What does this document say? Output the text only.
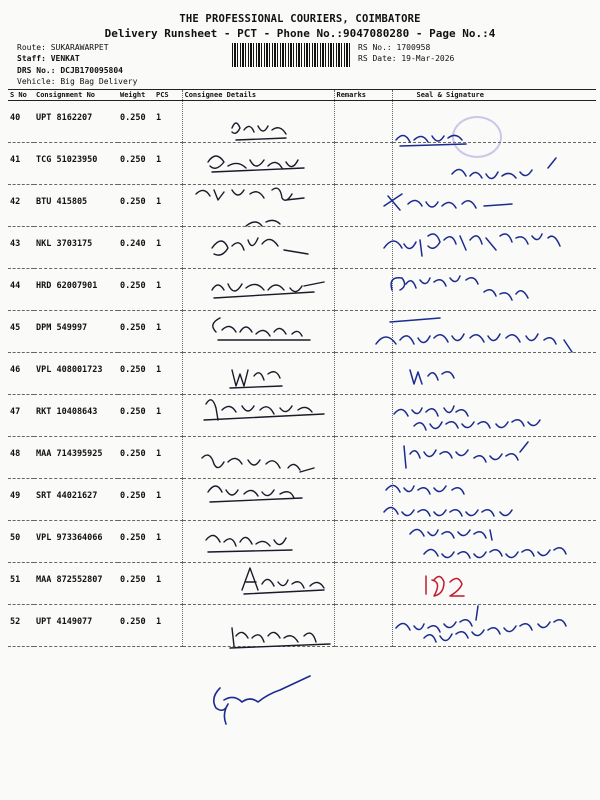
THE PROFESSIONAL COURIERS, COIMBATORE
Delivery Runsheet - PCT - Phone No.:9047080280 - Page No.:4
Route: SUKARAWARPET
Staff: VENKAT
DRS No.: DCJB170095804
Vehicle: Big Bag Delivery
RS No.: 1700958
RS Date: 19-Mar-2026
S No	Consignment No	Weight	PCS	Consignee Details	Remarks	Seal & Signature
40	UPT 8162207	0.250	1			
41	TCG 51023950	0.250	1			
42	BTU 415805	0.250	1			
43	NKL 3703175	0.240	1			
44	HRD 62007901	0.250	1			
45	DPM 549997	0.250	1			
46	VPL 408001723	0.250	1			
47	RKT 10408643	0.250	1			
48	MAA 714395925	0.250	1			
49	SRT 44021627	0.250	1			
50	VPL 973364066	0.250	1			
51	MAA 872552807	0.250	1			
52	UPT 4149077	0.250	1			
